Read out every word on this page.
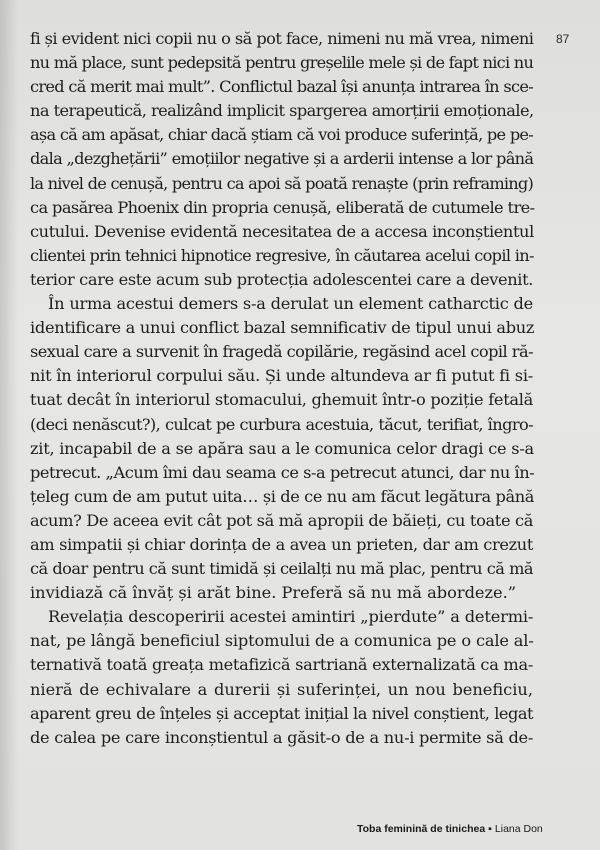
87
fi și evident nici copii nu o să pot face, nimeni nu mă vrea, nimeni
nu mă place, sunt pedepsită pentru greșelile mele și de fapt nici nu
cred că merit mai mult”. Conflictul bazal își anunța intrarea în sce-
na terapeutică, realizând implicit spargerea amorțirii emoționale,
așa că am apăsat, chiar dacă știam că voi produce suferință, pe pe-
dala „dezghețării” emoțiilor negative și a arderii intense a lor până
la nivel de cenușă, pentru ca apoi să poată renaște (prin reframing)
ca pasărea Phoenix din propria cenușă, eliberată de cutumele tre-
cutului. Devenise evidentă necesitatea de a accesa inconștientul
clientei prin tehnici hipnotice regresive, în căutarea acelui copil in-
terior care este acum sub protecția adolescentei care a devenit.
În urma acestui demers s-a derulat un element catharctic de
identificare a unui conflict bazal semnificativ de tipul unui abuz
sexual care a survenit în fragedă copilărie, regăsind acel copil ră-
nit în interiorul corpului său. Și unde altundeva ar fi putut fi si-
tuat decât în interiorul stomacului, ghemuit într-o poziție fetală
(deci nenăscut?), culcat pe curbura acestuia, tăcut, terifiat, îngro-
zit, incapabil de a se apăra sau a le comunica celor dragi ce s-a
petrecut. „Acum îmi dau seama ce s-a petrecut atunci, dar nu în-
țeleg cum de am putut uita… și de ce nu am făcut legătura până
acum? De aceea evit cât pot să mă apropii de băieți, cu toate că
am simpatii și chiar dorința de a avea un prieten, dar am crezut
că doar pentru că sunt timidă și ceilalți nu mă plac, pentru că mă
invidiază că învăț și arăt bine. Preferă să nu mă abordeze.”
Revelația descoperirii acestei amintiri „pierdute” a determi-
nat, pe lângă beneficiul siptomului de a comunica pe o cale al-
ternativă toată greața metafizică sartriană externalizată ca ma-
nieră de echivalare a durerii și suferinței, un nou beneficiu,
aparent greu de înțeles și acceptat inițial la nivel conștient, legat
de calea pe care inconștientul a găsit-o de a nu-i permite să de-
Toba feminină de tinichea ▪ Liana Don
